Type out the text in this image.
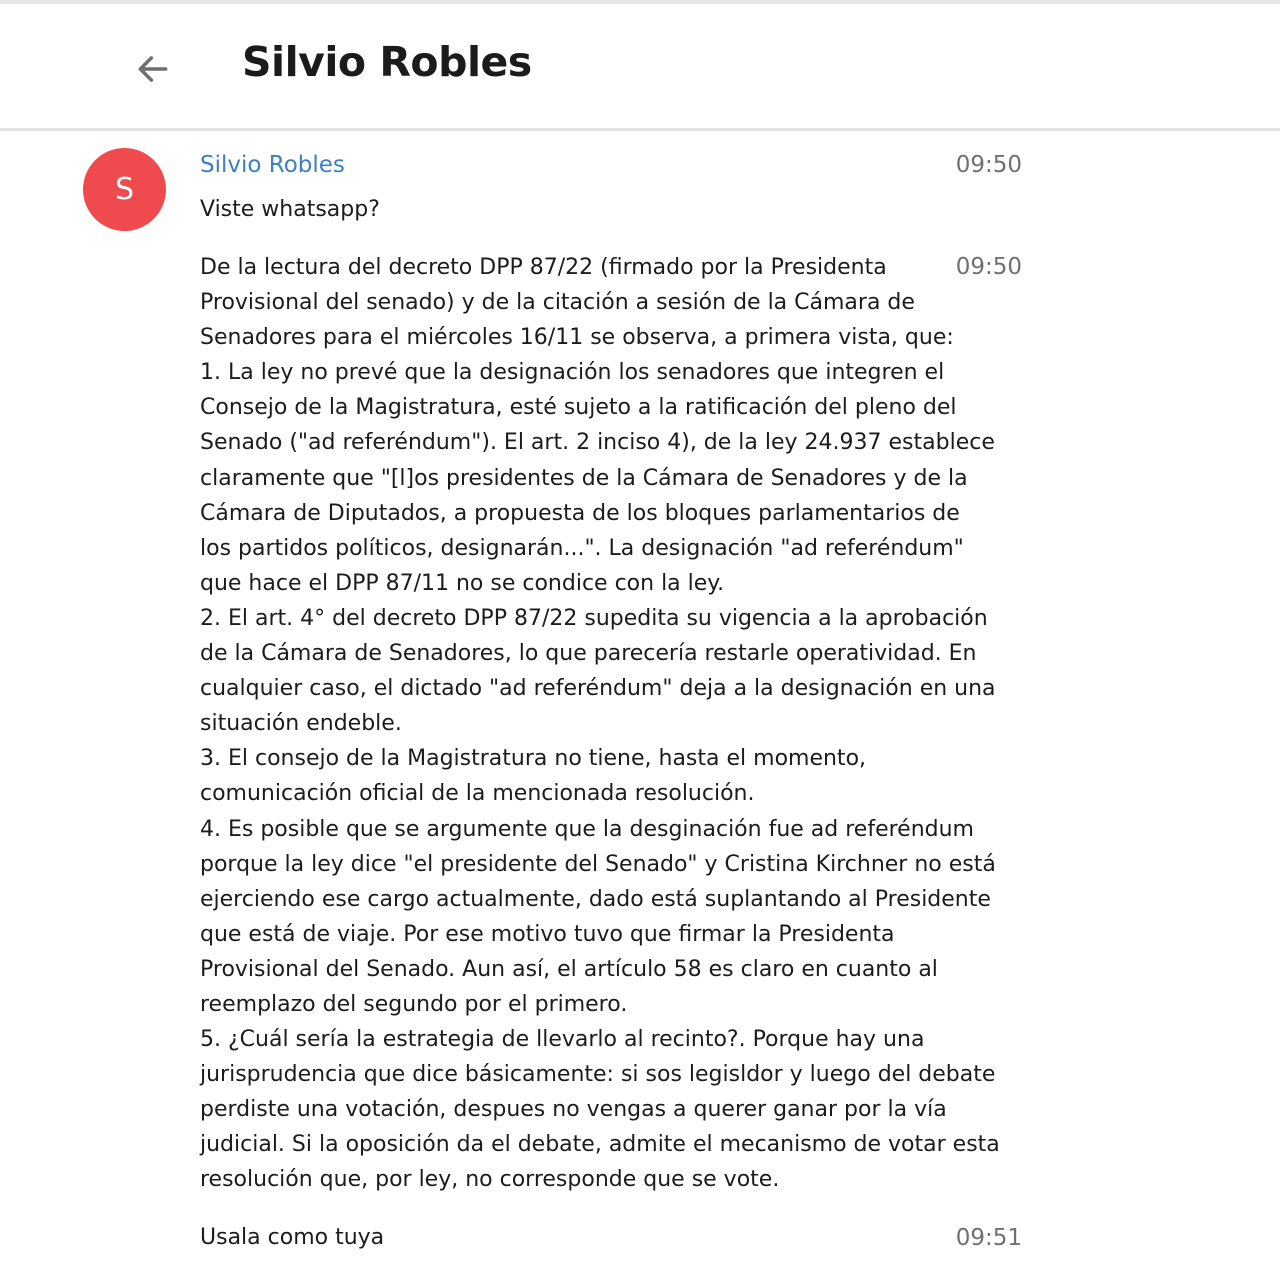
Silvio Robles
S
Silvio Robles	09:50
Viste whatsapp?
09:50
De la lectura del decreto DPP 87/22 (firmado por la Presidenta
Provisional del senado) y de la citación a sesión de la Cámara de
Senadores para el miércoles 16/11 se observa, a primera vista, que:
1. La ley no prevé que la designación los senadores que integren el
Consejo de la Magistratura, esté sujeto a la ratificación del pleno del
Senado ("ad referéndum"). El art. 2 inciso 4), de la ley 24.937 establece
claramente que "[l]os presidentes de la Cámara de Senadores y de la
Cámara de Diputados, a propuesta de los bloques parlamentarios de
los partidos políticos, designarán...". La designación "ad referéndum"
que hace el DPP 87/11 no se condice con la ley.
2. El art. 4° del decreto DPP 87/22 supedita su vigencia a la aprobación
de la Cámara de Senadores, lo que parecería restarle operatividad. En
cualquier caso, el dictado "ad referéndum" deja a la designación en una
situación endeble.
3. El consejo de la Magistratura no tiene, hasta el momento,
comunicación oficial de la mencionada resolución.
4. Es posible que se argumente que la desginación fue ad referéndum
porque la ley dice "el presidente del Senado" y Cristina Kirchner no está
ejerciendo ese cargo actualmente, dado está suplantando al Presidente
que está de viaje. Por ese motivo tuvo que firmar la Presidenta
Provisional del Senado. Aun así, el artículo 58 es claro en cuanto al
reemplazo del segundo por el primero.
5. ¿Cuál sería la estrategia de llevarlo al recinto?. Porque hay una
jurisprudencia que dice básicamente: si sos legisldor y luego del debate
perdiste una votación, despues no vengas a querer ganar por la vía
judicial. Si la oposición da el debate, admite el mecanismo de votar esta
resolución que, por ley, no corresponde que se vote.
09:51
Usala como tuya
